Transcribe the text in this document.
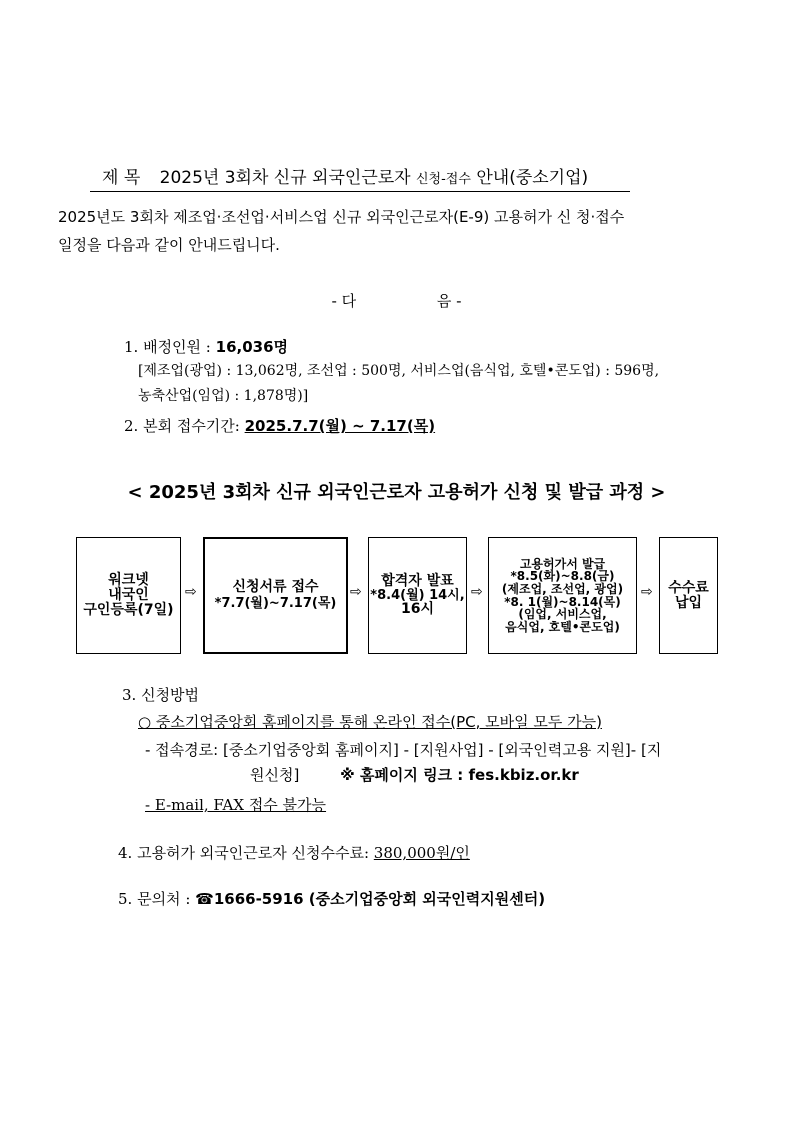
제 목 2025년 3회차 신규 외국인근로자 신청-접수 안내(중소기업)
2025년도 3회차 제조업·조선업·서비스업 신규 외국인근로자(E-9) 고용허가 신 청·접수
일정을 다음과 같이 안내드립니다.
- 다	음 -
1. 배정인원 : 16,036명
[제조업(광업) : 13,062명, 조선업 : 500명, 서비스업(음식업, 호텔•콘도업) : 596명,
농축산업(임업) : 1,878명)]
2. 본회 접수기간: 2025.7.7(월) ~ 7.17(목)
< 2025년 3회차 신규 외국인근로자 고용허가 신청 및 발급 과정 >
워크넷
내국인
구인등록(7일)
⇨	신청서류 접수
*7.7(월)~7.17(목)
⇨
합격자 발표
*8.4(월) 14시,
16시
⇨
고용허가서 발급
*8.5(화)~8.8(금)
(제조업, 조선업, 광업)
*8. 1(월)~8.14(목)
(임업, 서비스업,
음식업, 호텔•콘도업)
⇨ 수수료
납입
3. 신청방법
○ 중소기업중앙회 홈페이지를 통해 온라인 접수(PC, 모바일 모두 가능)
- 접속경로: [중소기업중앙회 홈페이지] - [지원사업] - [외국인력고용 지원]- [지
원신청]	※ 홈페이지 링크 : fes.kbiz.or.kr
- E-mail, FAX 접수 불가능
4. 고용허가 외국인근로자 신청수수료: 380,000원/인
5. 문의처 : ☎1666-5916 (중소기업중앙회 외국인력지원센터)
